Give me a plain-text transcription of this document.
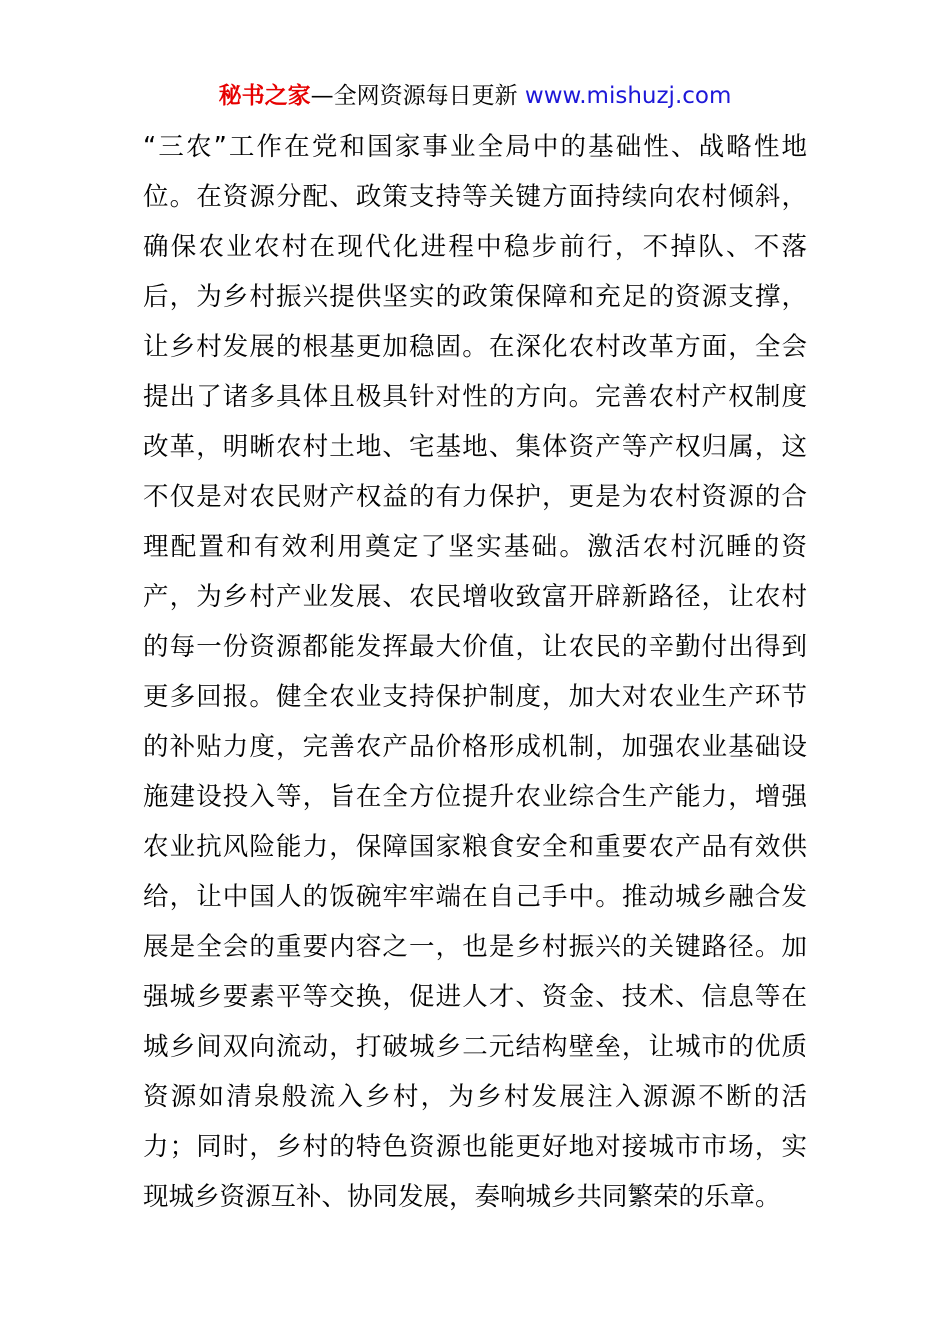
秘书之家—全网资源每日更新 www.mishuzj.com
“三农”工作在党和国家事业全局中的基础性、战略性地
位。在资源分配、政策支持等关键方面持续向农村倾斜，
确保农业农村在现代化进程中稳步前行，不掉队、不落
后，为乡村振兴提供坚实的政策保障和充足的资源支撑，
让乡村发展的根基更加稳固。在深化农村改革方面，全会
提出了诸多具体且极具针对性的方向。完善农村产权制度
改革，明晰农村土地、宅基地、集体资产等产权归属，这
不仅是对农民财产权益的有力保护，更是为农村资源的合
理配置和有效利用奠定了坚实基础。激活农村沉睡的资
产，为乡村产业发展、农民增收致富开辟新路径，让农村
的每一份资源都能发挥最大价值，让农民的辛勤付出得到
更多回报。健全农业支持保护制度，加大对农业生产环节
的补贴力度，完善农产品价格形成机制，加强农业基础设
施建设投入等，旨在全方位提升农业综合生产能力，增强
农业抗风险能力，保障国家粮食安全和重要农产品有效供
给，让中国人的饭碗牢牢端在自己手中。推动城乡融合发
展是全会的重要内容之一，也是乡村振兴的关键路径。加
强城乡要素平等交换，促进人才、资金、技术、信息等在
城乡间双向流动，打破城乡二元结构壁垒，让城市的优质
资源如清泉般流入乡村，为乡村发展注入源源不断的活
力；同时，乡村的特色资源也能更好地对接城市市场，实
现城乡资源互补、协同发展，奏响城乡共同繁荣的乐章。
